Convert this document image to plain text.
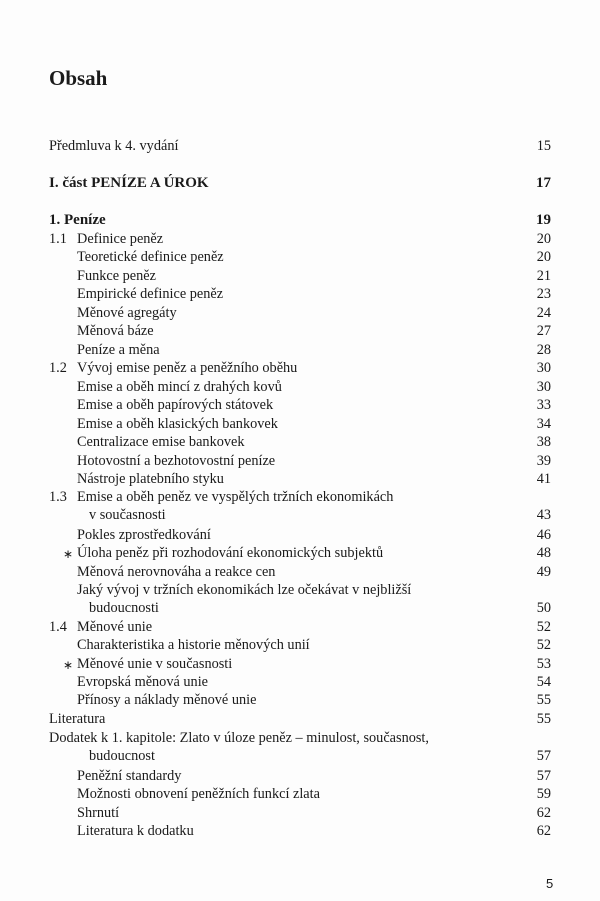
Obsah
Předmluva k 4. vydání	15
I. část PENÍZE A ÚROK	17
1. Peníze	19
1.1 Definice peněz	20
Teoretické definice peněz	20
Funkce peněz	21
Empirické definice peněz	23
Měnové agregáty	24
Měnová báze	27
Peníze a měna	28
1.2 Vývoj emise peněz a peněžního oběhu	30
Emise a oběh mincí z drahých kovů	30
Emise a oběh papírových státovek	33
Emise a oběh klasických bankovek	34
Centralizace emise bankovek	38
Hotovostní a bezhotovostní peníze	39
Nástroje platebního styku	41
1.3 Emise a oběh peněz ve vyspělých tržních ekonomikách
v současnosti	43
Pokles zprostředkování	46
∗ Úloha peněz při rozhodování ekonomických subjektů	48
Měnová nerovnováha a reakce cen	49
Jaký vývoj v tržních ekonomikách lze očekávat v nejbližší
budoucnosti	50
1.4 Měnové unie	52
Charakteristika a historie měnových unií	52
∗ Měnové unie v současnosti	53
Evropská měnová unie	54
Přínosy a náklady měnové unie	55
Literatura	55
Dodatek k 1. kapitole: Zlato v úloze peněz – minulost, současnost,
budoucnost	57
Peněžní standardy	57
Možnosti obnovení peněžních funkcí zlata	59
Shrnutí	62
Literatura k dodatku	62
5
